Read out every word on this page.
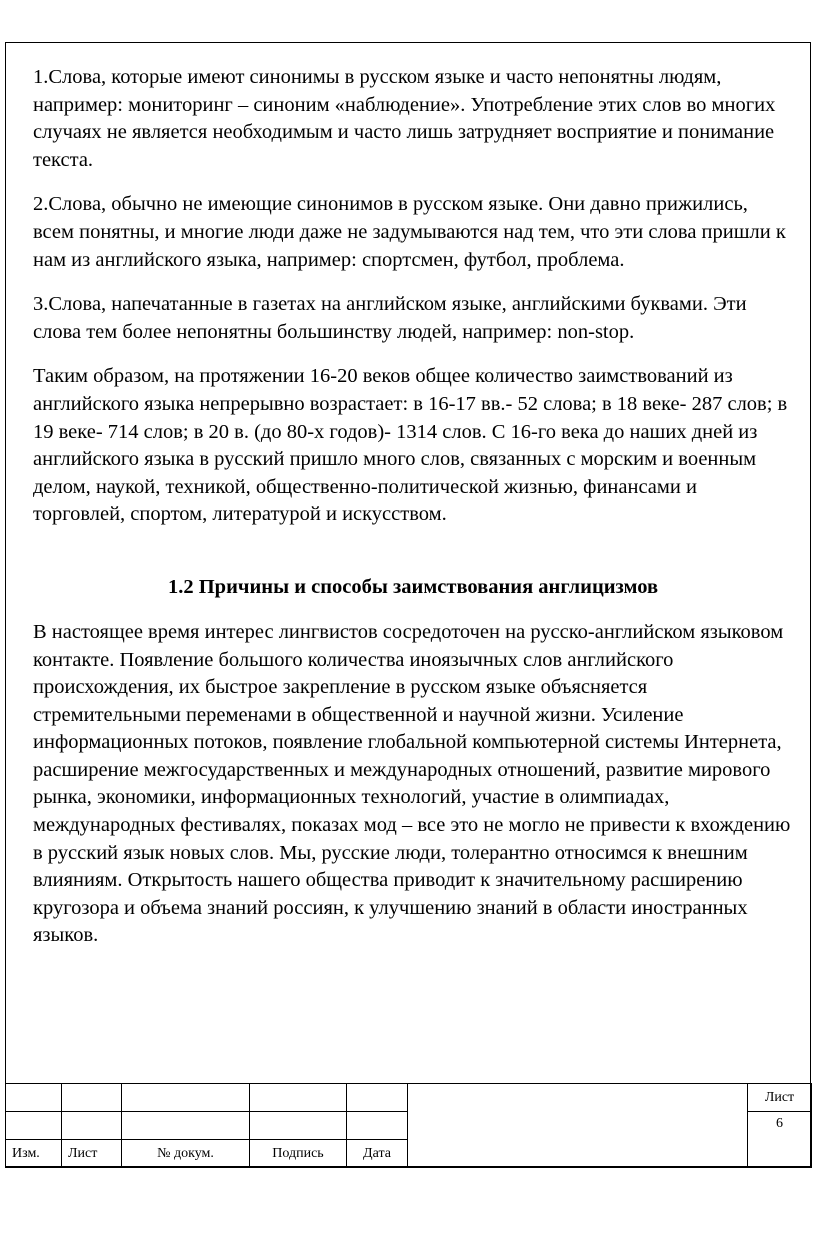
1.Слова, которые имеют синонимы в русском языке и часто непонятны людям, например: мониторинг – синоним «наблюдение». Употребление этих слов во многих случаях не является необходимым и часто лишь затрудняет восприятие и понимание текста.

2.Слова, обычно не имеющие синонимов в русском языке. Они давно прижились, всем понятны, и многие люди даже не задумываются над тем, что эти слова пришли к нам из английского языка, например: спортсмен, футбол, проблема.

3.Слова, напечатанные в газетах на английском языке, английскими буквами. Эти слова тем более непонятны большинству людей, например: non-stop.

Таким образом, на протяжении 16-20 веков общее количество заимствований из английского языка непрерывно возрастает: в 16-17 вв.- 52 слова; в 18 веке- 287 слов; в 19 веке- 714 слов; в 20 в. (до 80-х годов)- 1314 слов. С 16-го века до наших дней из английского языка в русский пришло много слов, связанных с морским и военным делом, наукой, техникой, общественно-политической жизнью, финансами и торговлей, спортом, литературой и искусством.

1.2 Причины и способы заимствования англицизмов

В настоящее время интерес лингвистов сосредоточен на русско-английском языковом контакте. Появление большого количества иноязычных слов английского происхождения, их быстрое закрепление в русском языке объясняется стремительными переменами в общественной и научной жизни. Усиление информационных потоков, появление глобальной компьютерной системы Интернета, расширение межгосударственных и международных отношений, развитие мирового рынка, экономики, информационных технологий, участие в олимпиадах, международных фестивалях, показах мод – все это не могло не привести к вхождению в русский язык новых слов. Мы, русские люди, толерантно относимся к внешним влияниям. Открытость нашего общества приводит к значительному расширению кругозора и объема знаний россиян, к улучшению знаний в области иностранных языков.

						Лист
						6
Изм.	Лист	№ докум.	Подпись	Дата		
